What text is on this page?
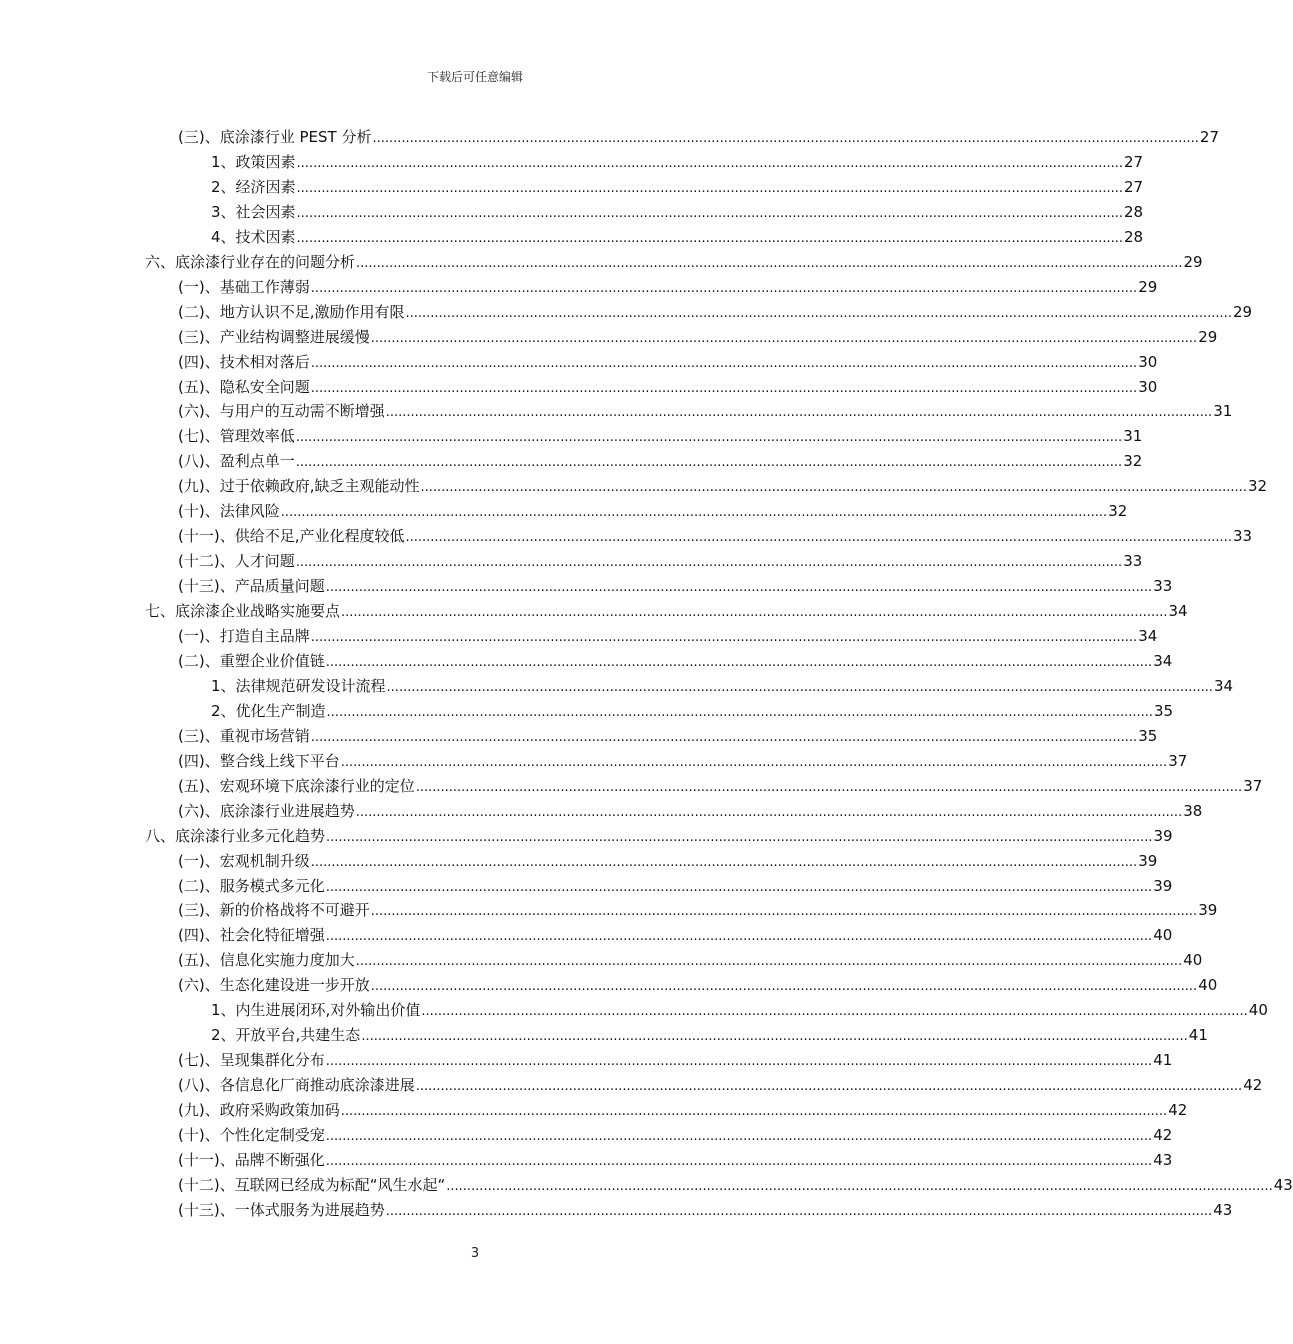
下载后可任意编辑
(三)、底涂漆行业 PEST 分析 ........................................................................................................................................................................................................ 27
1、政策因素 ........................................................................................................................................................................................................ 27
2、经济因素 ........................................................................................................................................................................................................ 27
3、社会因素 ........................................................................................................................................................................................................ 28
4、技术因素 ........................................................................................................................................................................................................ 28
六、底涂漆行业存在的问题分析 ........................................................................................................................................................................................................ 29
(一)、基础工作薄弱 ........................................................................................................................................................................................................ 29
(二)、地方认识不足,激励作用有限 ........................................................................................................................................................................................................ 29
(三)、产业结构调整进展缓慢 ........................................................................................................................................................................................................ 29
(四)、技术相对落后 ........................................................................................................................................................................................................ 30
(五)、隐私安全问题 ........................................................................................................................................................................................................ 30
(六)、与用户的互动需不断增强 ........................................................................................................................................................................................................ 31
(七)、管理效率低 ........................................................................................................................................................................................................ 31
(八)、盈利点单一 ........................................................................................................................................................................................................ 32
(九)、过于依赖政府,缺乏主观能动性 ........................................................................................................................................................................................................ 32
(十)、法律风险 ........................................................................................................................................................................................................ 32
(十一)、供给不足,产业化程度较低 ........................................................................................................................................................................................................ 33
(十二)、人才问题 ........................................................................................................................................................................................................ 33
(十三)、产品质量问题 ........................................................................................................................................................................................................ 33
七、底涂漆企业战略实施要点 ........................................................................................................................................................................................................ 34
(一)、打造自主品牌 ........................................................................................................................................................................................................ 34
(二)、重塑企业价值链 ........................................................................................................................................................................................................ 34
1、法律规范研发设计流程 ........................................................................................................................................................................................................ 34
2、优化生产制造 ........................................................................................................................................................................................................ 35
(三)、重视市场营销 ........................................................................................................................................................................................................ 35
(四)、整合线上线下平台 ........................................................................................................................................................................................................ 37
(五)、宏观环境下底涂漆行业的定位 ........................................................................................................................................................................................................ 37
(六)、底涂漆行业进展趋势 ........................................................................................................................................................................................................ 38
八、底涂漆行业多元化趋势 ........................................................................................................................................................................................................ 39
(一)、宏观机制升级 ........................................................................................................................................................................................................ 39
(二)、服务模式多元化 ........................................................................................................................................................................................................ 39
(三)、新的价格战将不可避开 ........................................................................................................................................................................................................ 39
(四)、社会化特征增强 ........................................................................................................................................................................................................ 40
(五)、信息化实施力度加大 ........................................................................................................................................................................................................ 40
(六)、生态化建设进一步开放 ........................................................................................................................................................................................................ 40
1、内生进展闭环,对外输出价值 ........................................................................................................................................................................................................ 40
2、开放平台,共建生态 ........................................................................................................................................................................................................ 41
(七)、呈现集群化分布 ........................................................................................................................................................................................................ 41
(八)、各信息化厂商推动底涂漆进展 ........................................................................................................................................................................................................ 42
(九)、政府采购政策加码 ........................................................................................................................................................................................................ 42
(十)、个性化定制受宠 ........................................................................................................................................................................................................ 42
(十一)、品牌不断强化 ........................................................................................................................................................................................................ 43
(十二)、互联网已经成为标配“风生水起“ ........................................................................................................................................................................................................ 43
(十三)、一体式服务为进展趋势 ........................................................................................................................................................................................................ 43
3
